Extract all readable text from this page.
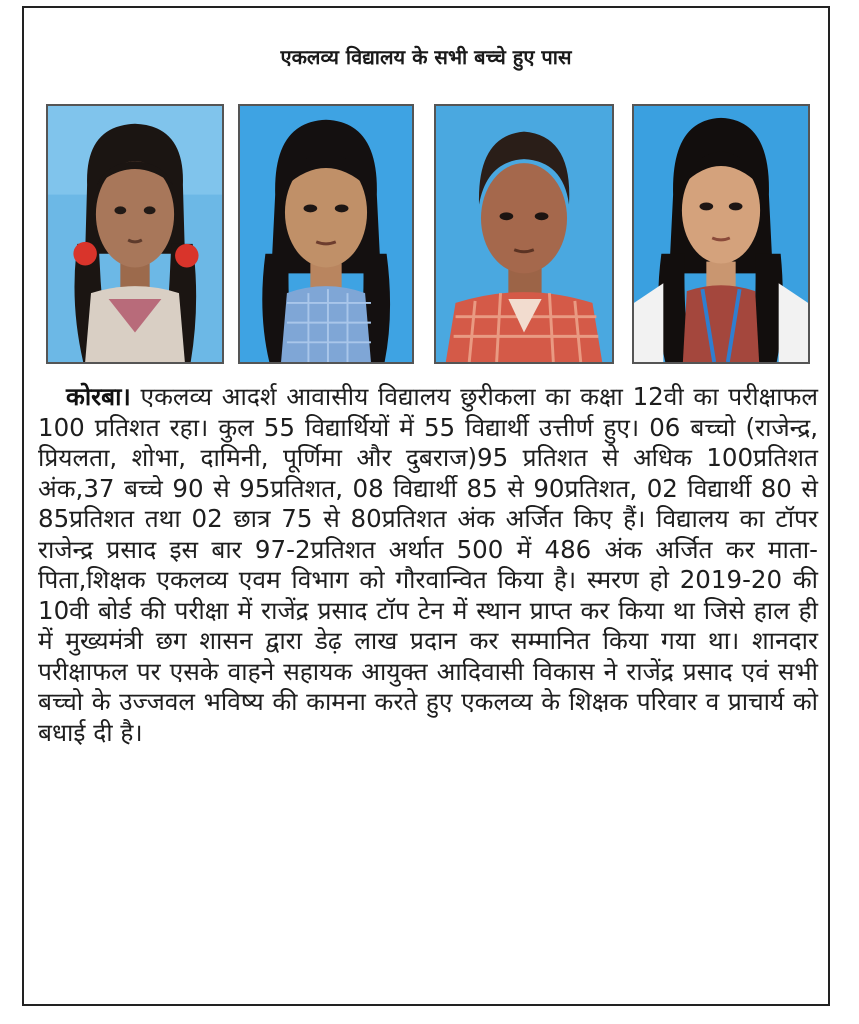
एकलव्य विद्यालय के सभी बच्चे हुए पास
कोरबा। एकलव्य आदर्श आवासीय विद्यालय छुरीकला का कक्षा 12वी का परीक्षाफल 100 प्रतिशत रहा। कुल 55 विद्यार्थियों में 55 विद्यार्थी उत्तीर्ण हुए। 06 बच्चो (राजेन्द्र, प्रियलता, शोभा, दामिनी, पूर्णिमा और दुबराज)95 प्रतिशत से अधिक 100प्रतिशत अंक,37 बच्चे 90 से 95प्रतिशत, 08 विद्यार्थी 85 से 90प्रतिशत, 02 विद्यार्थी 80 से 85प्रतिशत तथा 02 छात्र 75 से 80प्रतिशत अंक अर्जित किए हैं। विद्यालय का टॉपर राजेन्द्र प्रसाद इस बार 97-2प्रतिशत अर्थात 500 में 486 अंक अर्जित कर माता-पिता,शिक्षक एकलव्य एवम विभाग को गौरवान्वित किया है। स्मरण हो 2019-20 की 10वी बोर्ड की परीक्षा में राजेंद्र प्रसाद टॉप टेन में स्थान प्राप्त कर किया था जिसे हाल ही में मुख्यमंत्री छग शासन द्वारा डेढ़ लाख प्रदान कर सम्मानित किया गया था। शानदार परीक्षाफल पर एसके वाहने सहायक आयुक्त आदिवासी विकास ने राजेंद्र प्रसाद एवं सभी बच्चो के उज्जवल भविष्य की कामना करते हुए एकलव्य के शिक्षक परिवार व प्राचार्य को बधाई दी है।
